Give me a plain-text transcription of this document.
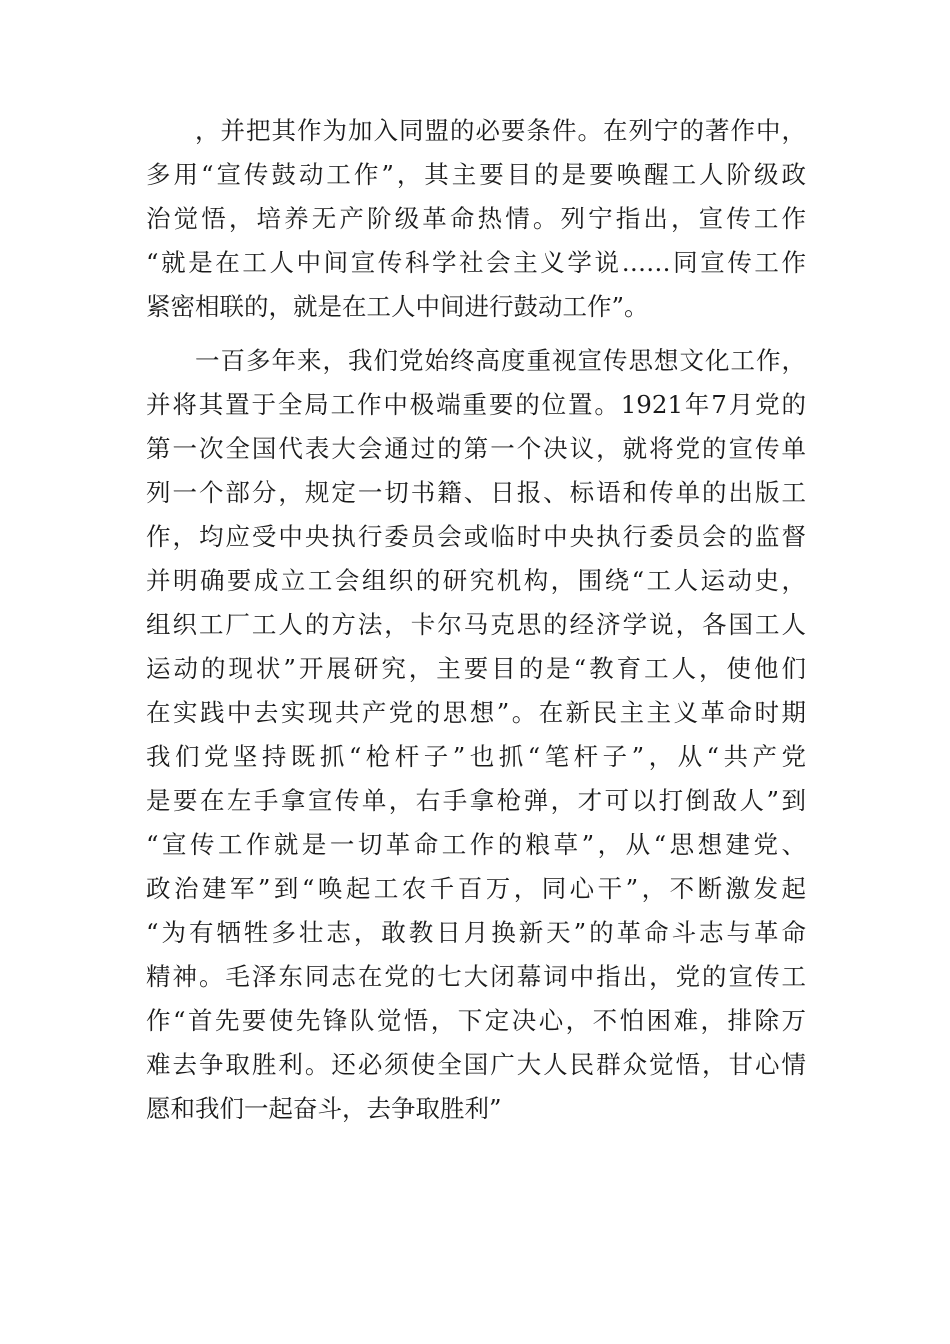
，并把其作为加入同盟的必要条件。在列宁的著作中，
多用“宣传鼓动工作”，其主要目的是要唤醒工人阶级政
治觉悟，培养无产阶级革命热情。列宁指出，宣传工作
“就是在工人中间宣传科学社会主义学说……同宣传工作
紧密相联的，就是在工人中间进行鼓动工作”。
一百多年来，我们党始终高度重视宣传思想文化工作，
并将其置于全局工作中极端重要的位置。1921年7月党的
第一次全国代表大会通过的第一个决议，就将党的宣传单
列一个部分，规定一切书籍、日报、标语和传单的出版工
作，均应受中央执行委员会或临时中央执行委员会的监督
并明确要成立工会组织的研究机构，围绕“工人运动史，
组织工厂工人的方法，卡尔马克思的经济学说，各国工人
运动的现状”开展研究，主要目的是“教育工人，使他们
在实践中去实现共产党的思想”。在新民主主义革命时期
我们党坚持既抓“枪杆子”也抓“笔杆子”，从“共产党
是要在左手拿宣传单，右手拿枪弹，才可以打倒敌人”到
“宣传工作就是一切革命工作的粮草”，从“思想建党、
政治建军”到“唤起工农千百万，同心干”，不断激发起
“为有牺牲多壮志，敢教日月换新天”的革命斗志与革命
精神。毛泽东同志在党的七大闭幕词中指出，党的宣传工
作“首先要使先锋队觉悟，下定决心，不怕困难，排除万
难去争取胜利。还必须使全国广大人民群众觉悟，甘心情
愿和我们一起奋斗，去争取胜利”
